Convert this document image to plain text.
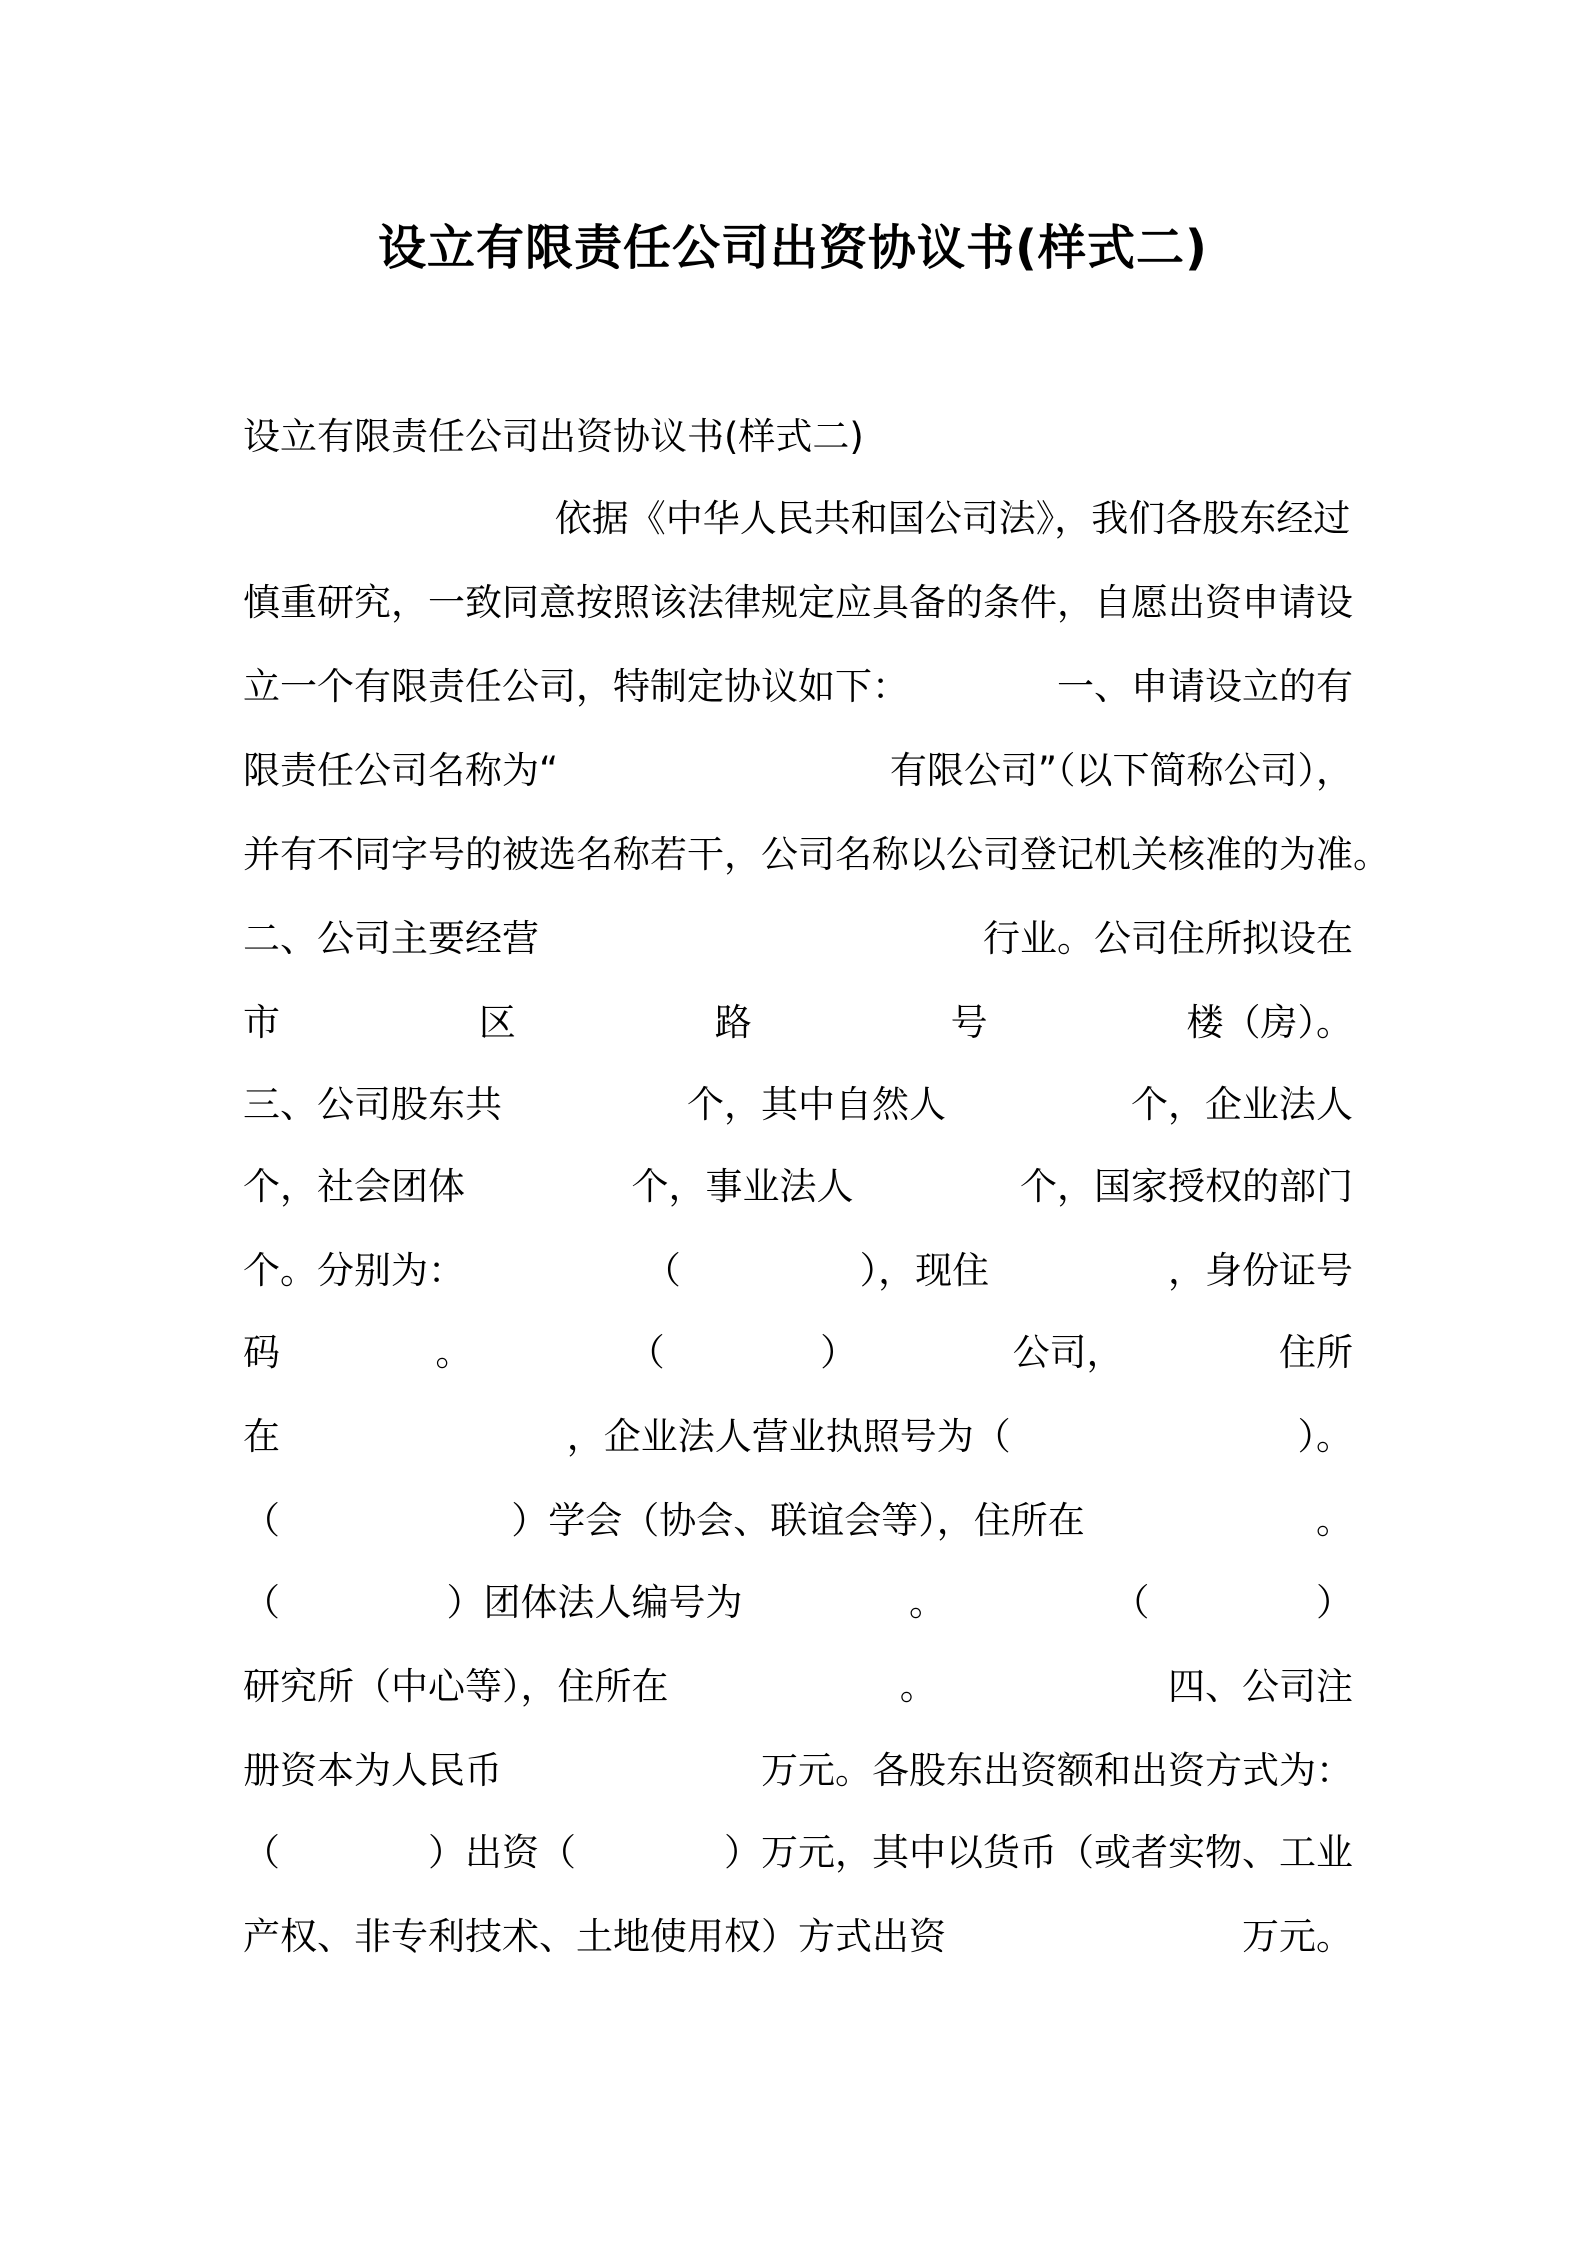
设立有限责任公司出资协议书(样式二)
设立有限责任公司出资协议书(样式二)
依据《中华人民共和国公司法》，我们各股东经过
慎重研究，一致同意按照该法律规定应具备的条件，自愿出资申请设
立一个有限责任公司，特制定协议如下：	一、申请设立的有
限责任公司名称为“	有限公司”（以下简称公司），
并有不同字号的被选名称若干，公司名称以公司登记机关核准的为准。
二、公司主要经营	行业。公司住所拟设在
市	区	路	号	楼（房）。
三、公司股东共	个，其中自然人	个，企业法人
个，社会团体	个，事业法人	个，国家授权的部门
个。分别为：	（	），现住	，身份证号
码	。	（	）	公司，	住所
在	，企业法人营业执照号为（	）。
（	）学会（协会、联谊会等），住所在	。
（	）团体法人编号为	。	（	）
研究所（中心等），住所在	。	四、公司注
册资本为人民币	万元。各股东出资额和出资方式为：
（	）出资（	）万元，其中以货币（或者实物、工业
产权、非专利技术、土地使用权）方式出资	万元。
